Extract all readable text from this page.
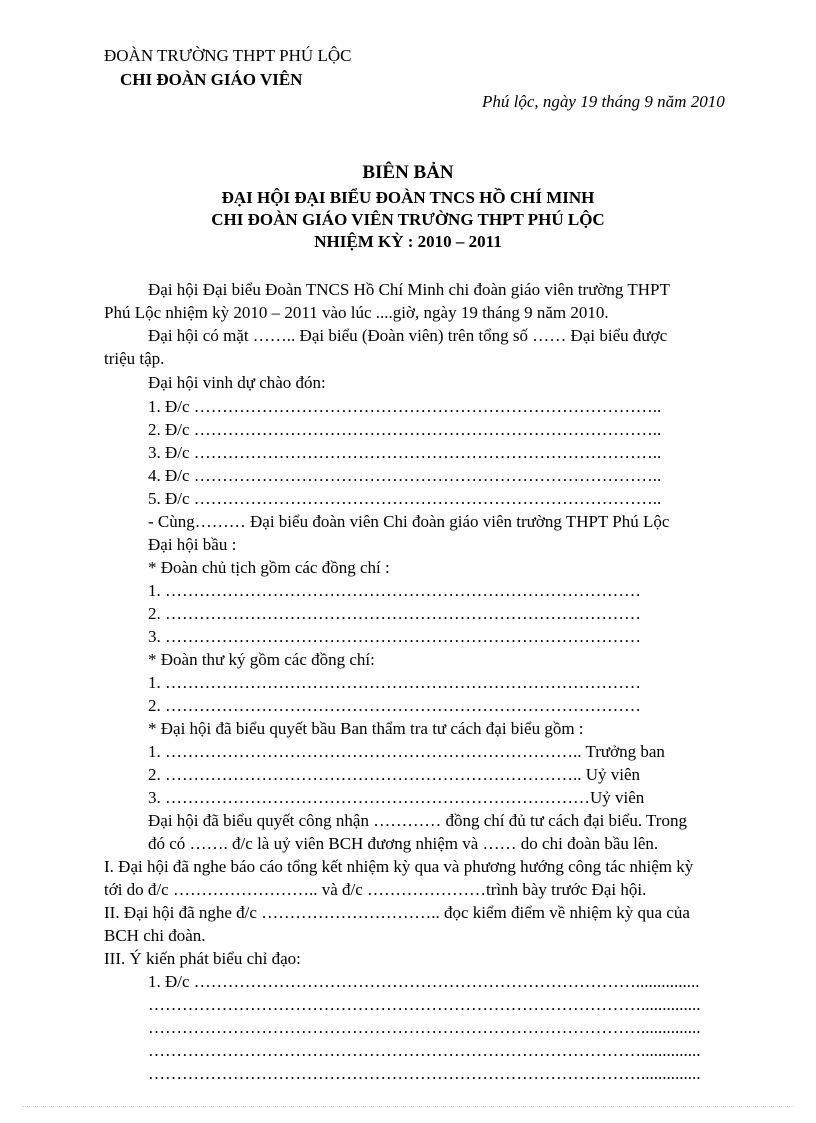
ĐOÀN TRƯỜNG THPT PHÚ LỘC
CHI ĐOÀN GIÁO VIÊN
Phú lộc, ngày 19 tháng 9 năm 2010
BIÊN BẢN
ĐẠI HỘI ĐẠI BIỂU ĐOÀN TNCS HỒ CHÍ MINH
CHI ĐOÀN GIÁO VIÊN TRƯỜNG THPT PHÚ LỘC
NHIỆM KỲ : 2010 – 2011
Đại hội Đại biểu Đoàn TNCS Hồ Chí Minh chi đoàn giáo viên trường THPT
Phú Lộc nhiệm kỳ 2010 – 2011 vào lúc ....giờ, ngày 19 tháng 9 năm 2010.
Đại hội có mặt …….. Đại biểu (Đoàn viên) trên tổng số …… Đại biểu được
triệu tập.
Đại hội vinh dự chào đón:
1. Đ/c ………………………………………………………………………..
2. Đ/c ………………………………………………………………………..
3. Đ/c ………………………………………………………………………..
4. Đ/c ………………………………………………………………………..
5. Đ/c ………………………………………………………………………..
- Cùng……… Đại biểu đoàn viên Chi đoàn giáo viên trường THPT Phú Lộc
Đại hội bầu :
* Đoàn chủ tịch gồm các đồng chí :
1. …………………………………………………………………………
2. …………………………………………………………………………
3. …………………………………………………………………………
* Đoàn thư ký gồm các đồng chí:
1. …………………………………………………………………………
2. …………………………………………………………………………
* Đại hội đã biểu quyết bầu Ban thẩm tra tư cách đại biểu gồm :
1. ……………………………………………………………….. Trưởng ban
2. ……………………………………………………………….. Uỷ viên
3. …………………………………………………………………Uỷ viên
Đại hội đã biểu quyết công nhận ………… đồng chí đủ tư cách đại biểu. Trong
đó có ……. đ/c là uỷ viên BCH đương nhiệm và …… do chi đoàn bầu lên.
I. Đại hội đã nghe báo cáo tổng kết nhiệm kỳ qua và phương hướng công tác nhiệm kỳ
tới do đ/c …………………….. và đ/c …………………trình bày trước Đại hội.
II. Đại hội đã nghe đ/c ………………………….. đọc kiểm điểm về nhiệm kỳ qua của
BCH chi đoàn.
III. Ý kiến phát biểu chỉ đạo:
1. Đ/c ……………………………………………………………………...............
……………………………………………………………………………..............
……………………………………………………………………………..............
……………………………………………………………………………..............
……………………………………………………………………………..............
